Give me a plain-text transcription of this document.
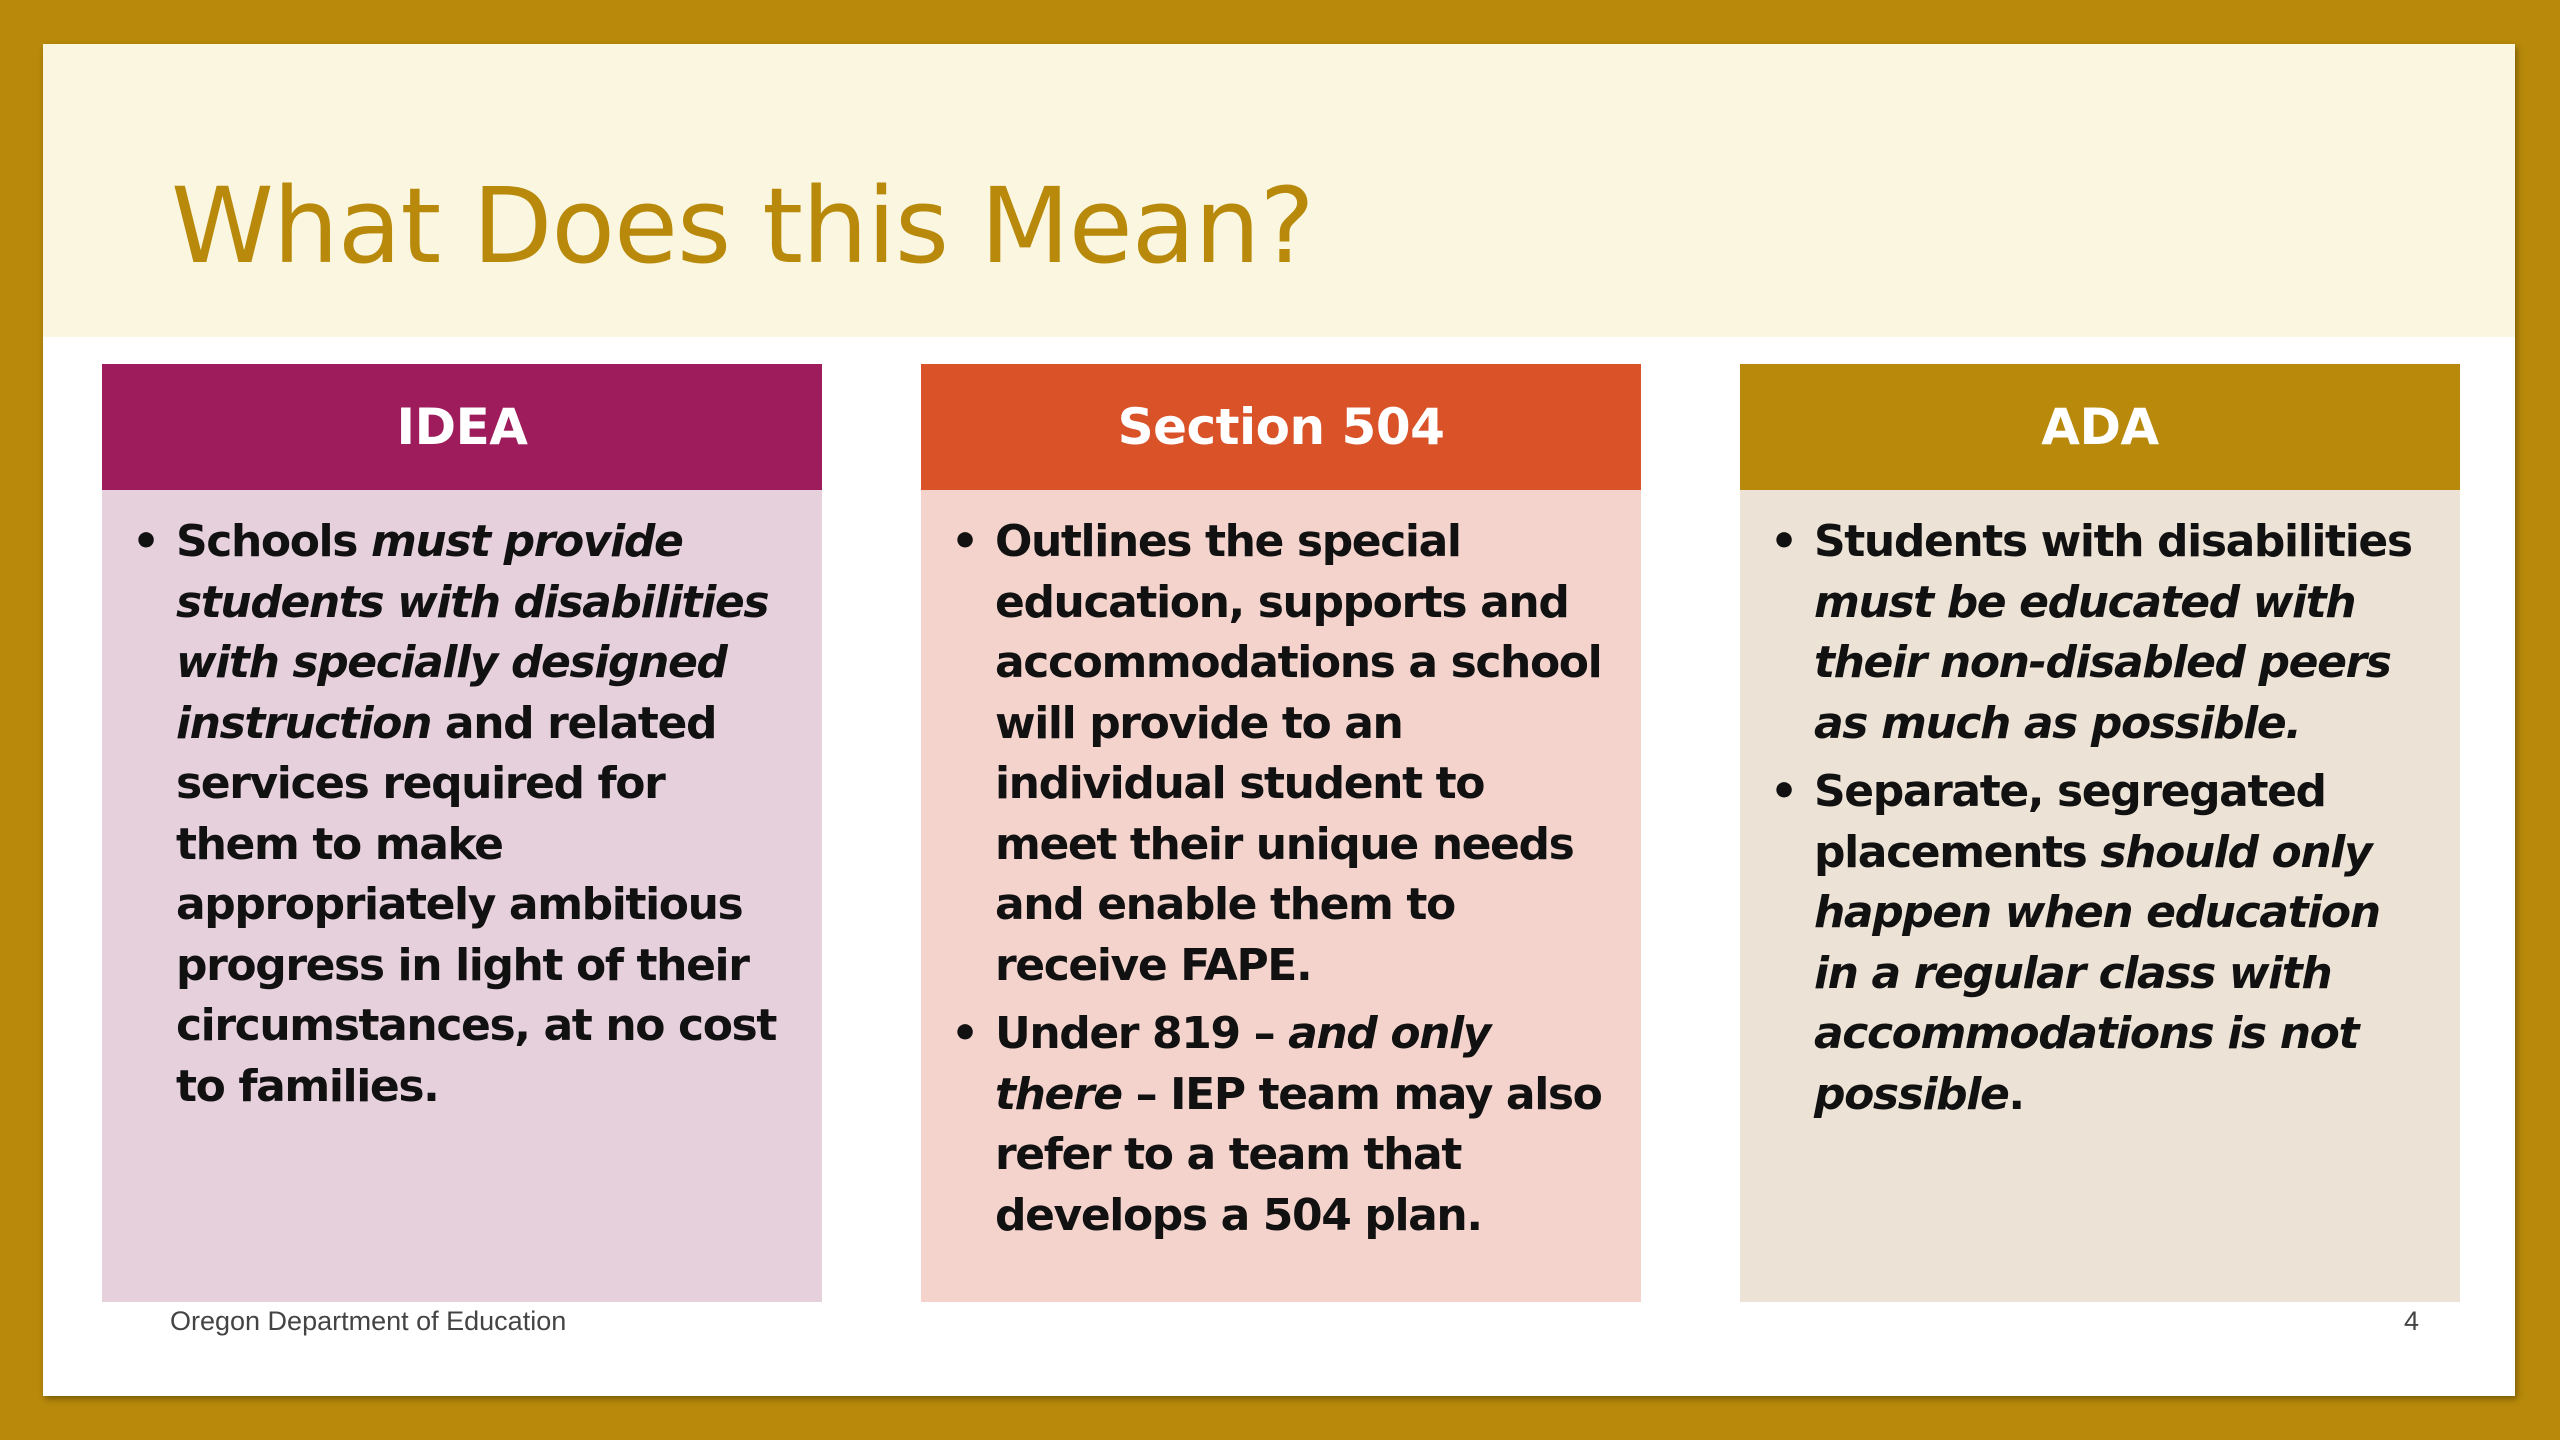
What Does this Mean?
IDEA
• Schools must provide students with disabilities with specially designed instruction and related services required for them to make appropriately ambitious progress in light of their circumstances, at no cost to families.
Section 504
• Outlines the special education, supports and accommodations a school will provide to an individual student to meet their unique needs and enable them to receive FAPE.
• Under 819 – and only there – IEP team may also refer to a team that develops a 504 plan.
ADA
• Students with disabilities must be educated with their non-disabled peers as much as possible.
• Separate, segregated placements should only happen when education in a regular class with accommodations is not possible.
Oregon Department of Education	4
